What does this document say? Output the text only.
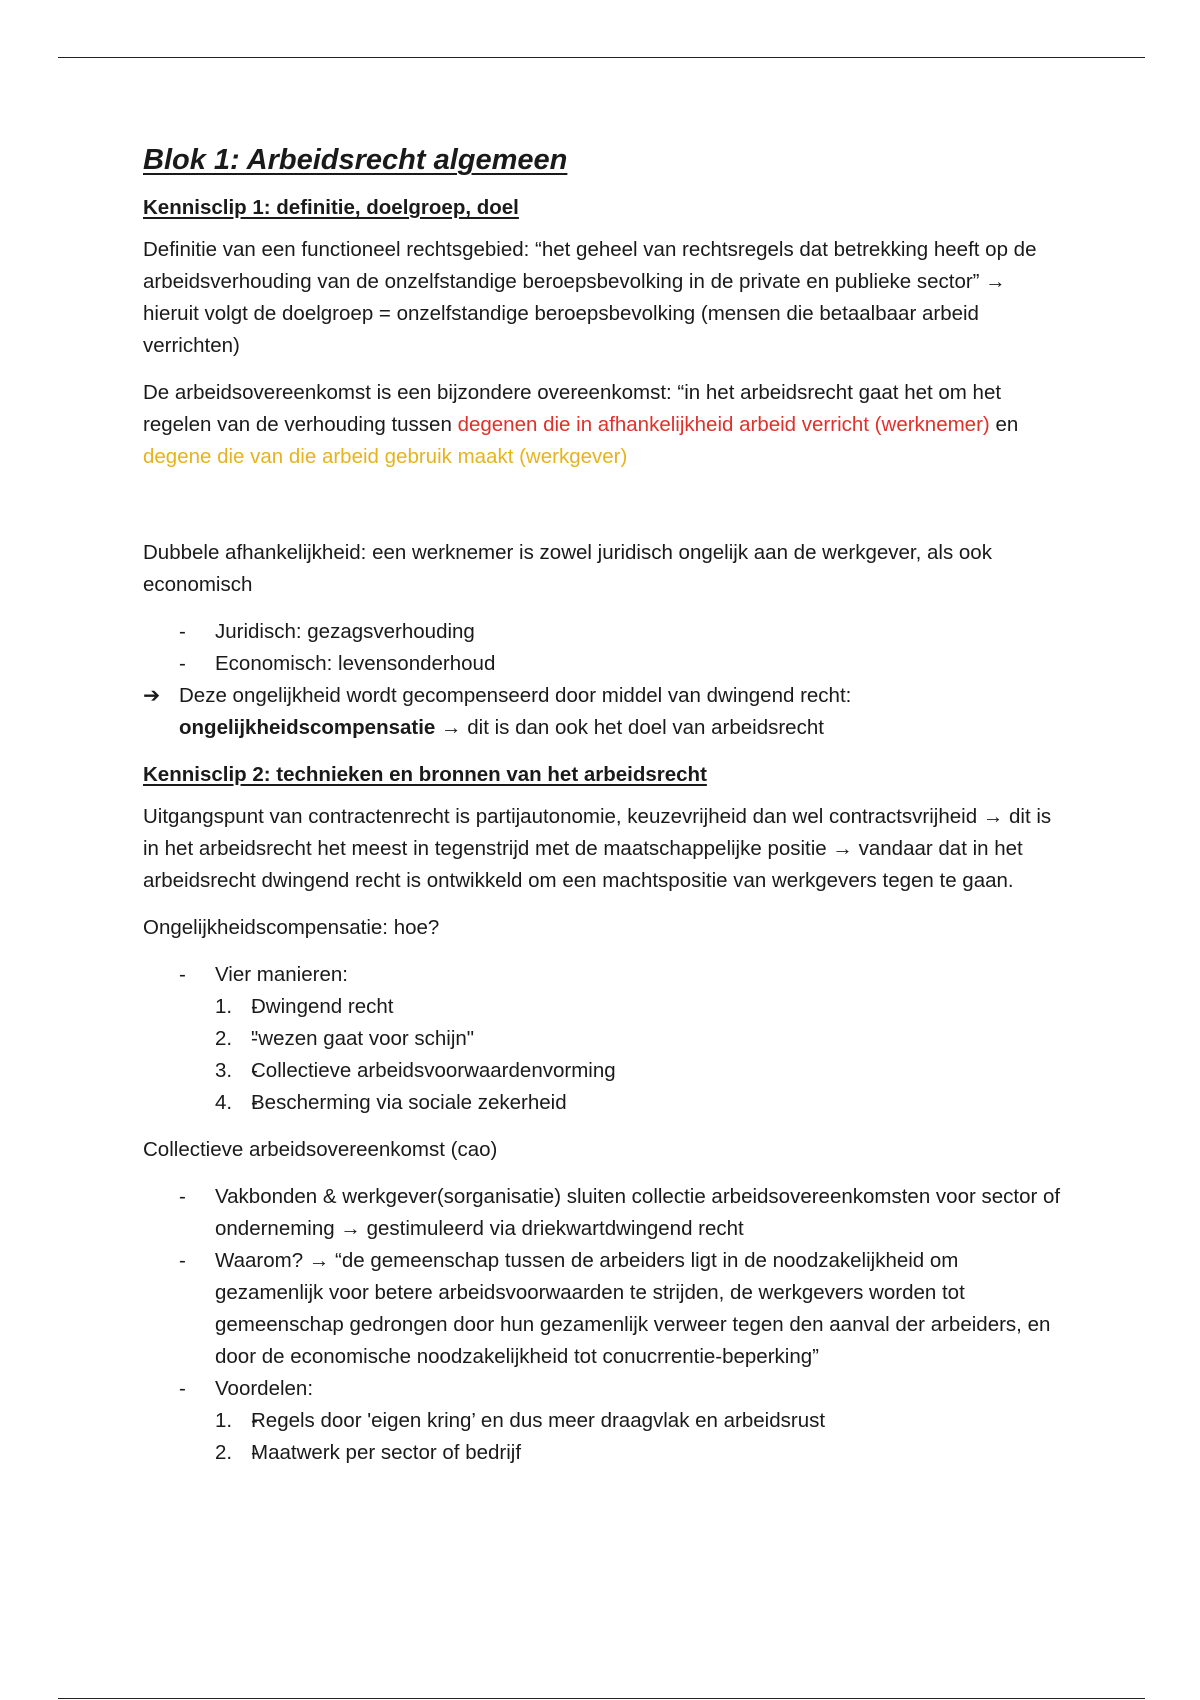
Blok 1: Arbeidsrecht algemeen
Kennisclip 1: definitie, doelgroep, doel

Definitie van een functioneel rechtsgebied: “het geheel van rechtsregels dat betrekking heeft op de arbeidsverhouding van de onzelfstandige beroepsbevolking in de private en publieke sector” → hieruit volgt de doelgroep = onzelfstandige beroepsbevolking (mensen die betaalbaar arbeid verrichten)

De arbeidsovereenkomst is een bijzondere overeenkomst: “in het arbeidsrecht gaat het om het regelen van de verhouding tussen degenen die in afhankelijkheid arbeid verricht (werknemer) en degene die van die arbeid gebruik maakt (werkgever)

Dubbele afhankelijkheid: een werknemer is zowel juridisch ongelijk aan de werkgever, als ook economisch

- Juridisch: gezagsverhouding
- Economisch: levensonderhoud
➔ Deze ongelijkheid wordt gecompenseerd door middel van dwingend recht: ongelijkheidscompensatie → dit is dan ook het doel van arbeidsrecht
Kennisclip 2: technieken en bronnen van het arbeidsrecht

Uitgangspunt van contractenrecht is partijautonomie, keuzevrijheid dan wel contractsvrijheid → dit is in het arbeidsrecht het meest in tegenstrijd met de maatschappelijke positie → vandaar dat in het arbeidsrecht dwingend recht is ontwikkeld om een machtspositie van werkgevers tegen te gaan.

Ongelijkheidscompensatie: hoe?

- Vier manieren:
- 1. Dwingend recht
- 2. "wezen gaat voor schijn"
- 3. Collectieve arbeidsvoorwaardenvorming
- 4. Bescherming via sociale zekerheid

Collectieve arbeidsovereenkomst (cao)

- Vakbonden & werkgever(sorganisatie) sluiten collectie arbeidsovereenkomsten voor sector of onderneming → gestimuleerd via driekwartdwingend recht
- Waarom? → “de gemeenschap tussen de arbeiders ligt in de noodzakelijkheid om gezamenlijk voor betere arbeidsvoorwaarden te strijden, de werkgevers worden tot gemeenschap gedrongen door hun gezamenlijk verweer tegen den aanval der arbeiders, en door de economische noodzakelijkheid tot conucrrentie-beperking”
- Voordelen:
- 1. Regels door 'eigen kring’ en dus meer draagvlak en arbeidsrust
- 2. Maatwerk per sector of bedrijf
